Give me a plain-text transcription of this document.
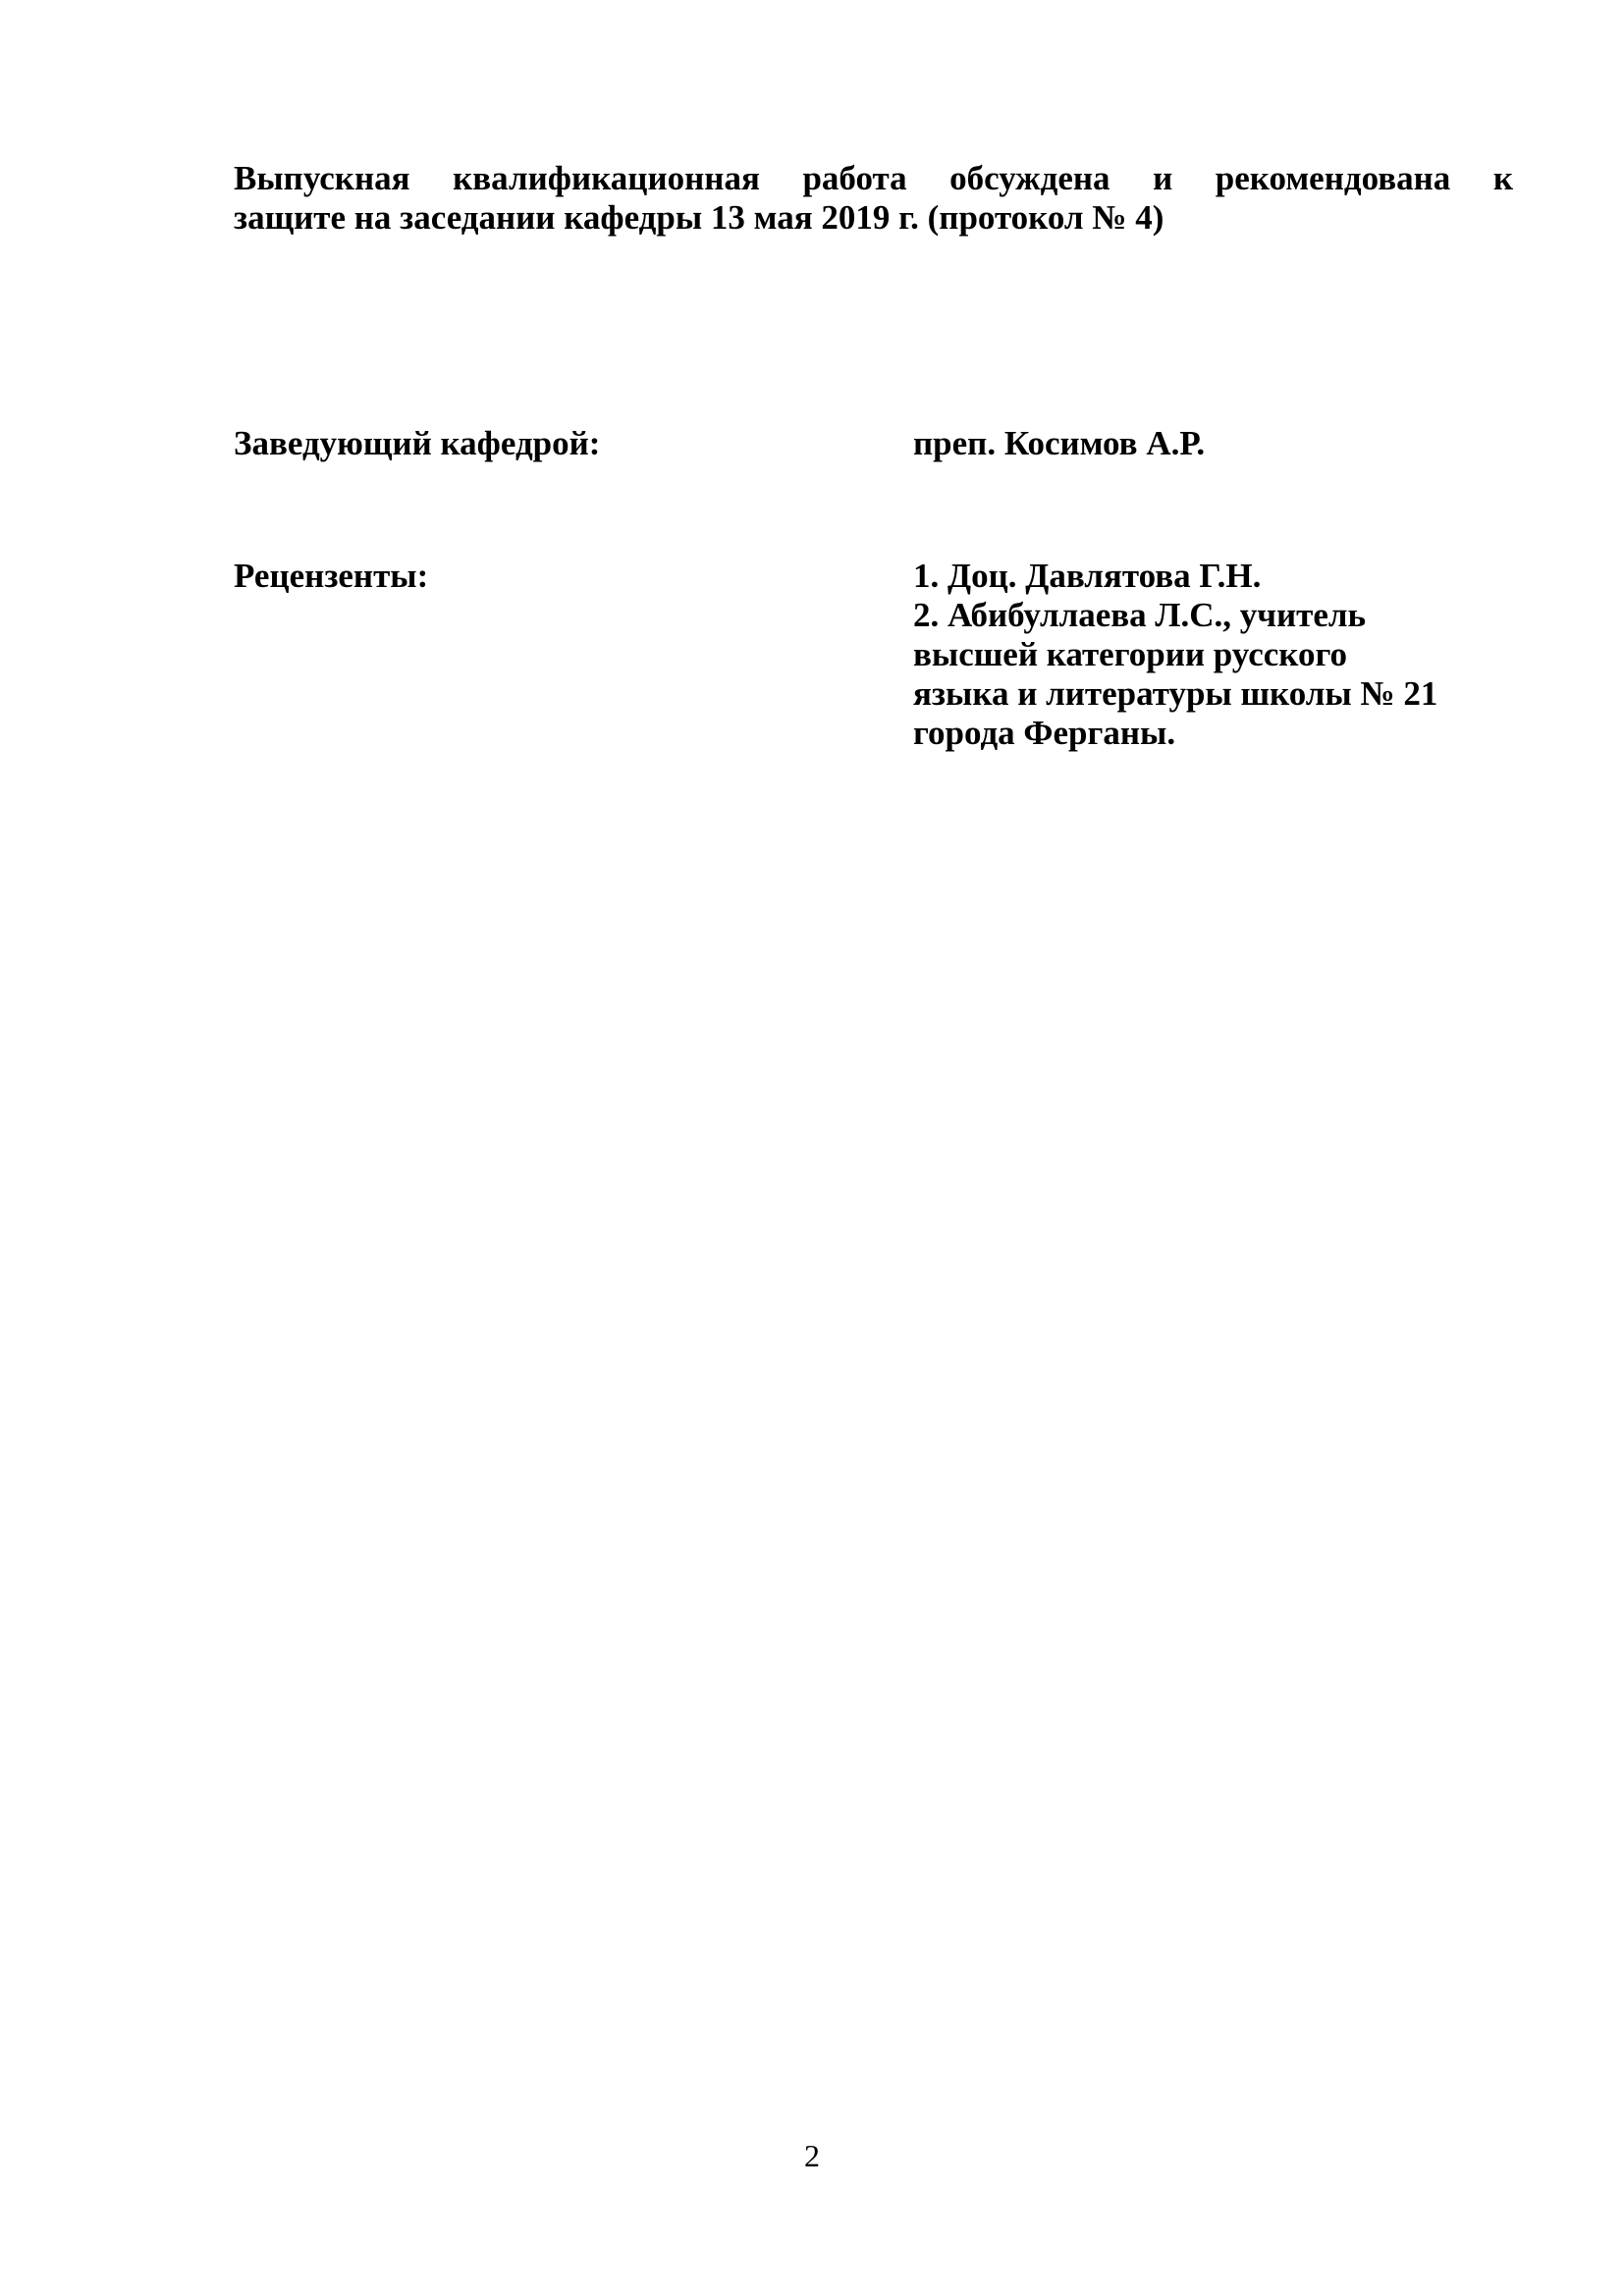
Выпускная квалификационная работа обсуждена и рекомендована к
защите на заседании кафедры 13 мая 2019 г. (протокол № 4)

Заведующий кафедрой:	преп. Косимов А.Р.

Рецензенты:	1. Доц. Давлятова Г.Н.
2. Абибуллаева Л.С., учитель
высшей категории русского
языка и литературы школы № 21
города Ферганы.

2
